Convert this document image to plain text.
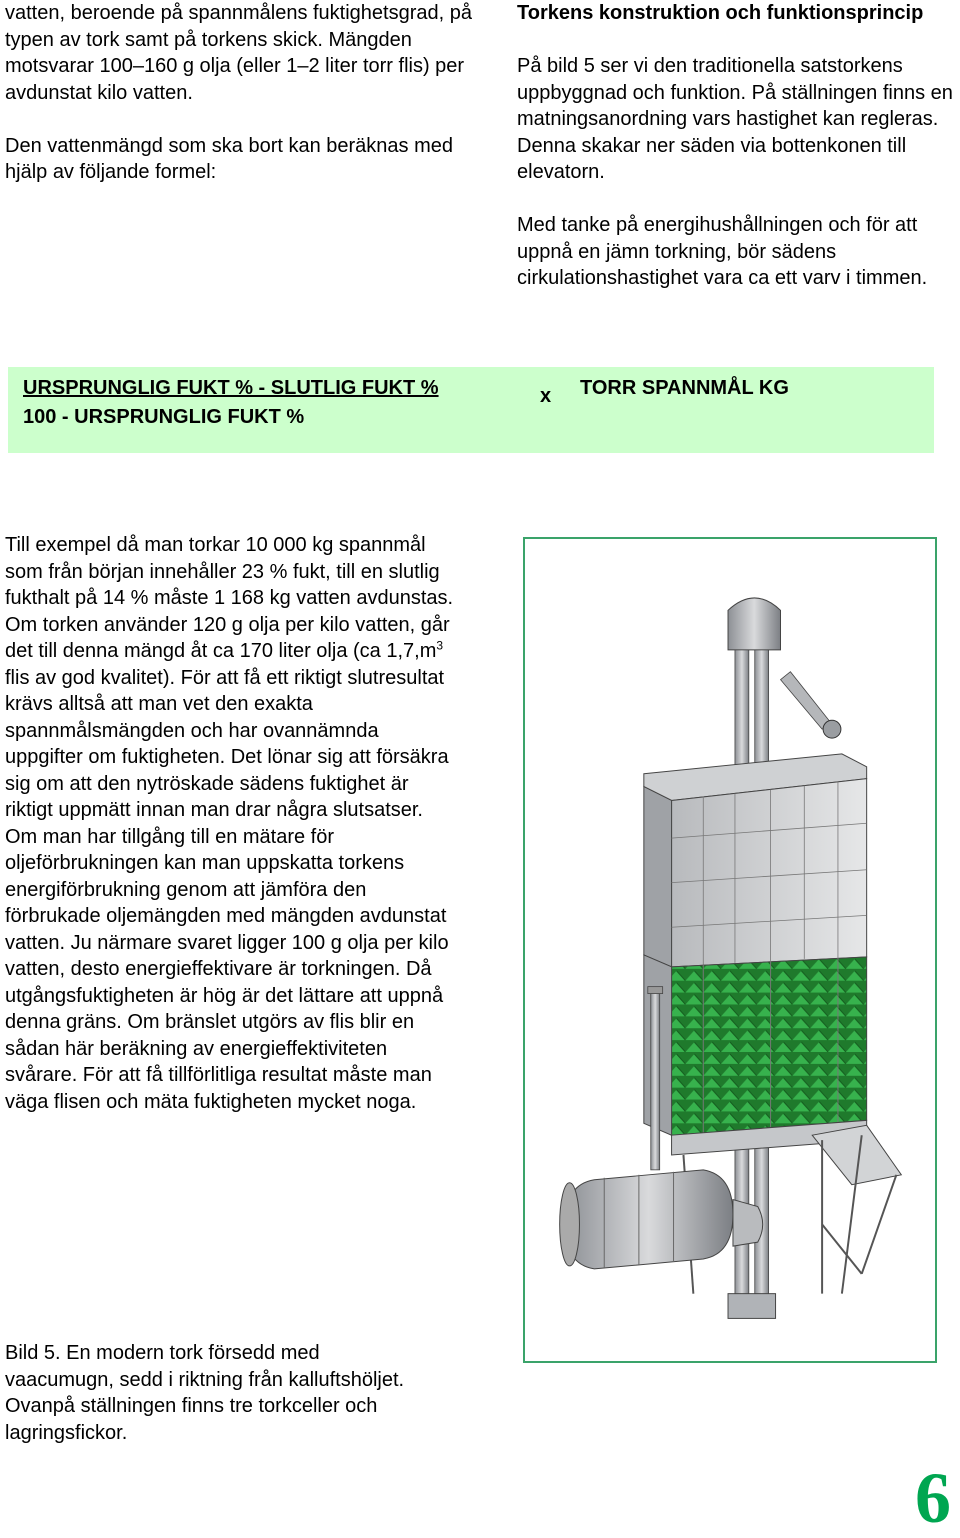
vatten, beroende på spannmålens fuktighetsgrad, på typen av tork samt på torkens skick. Mängden motsvarar 100–160 g olja (eller 1–2 liter torr flis) per avdunstat kilo vatten.

Den vattenmängd som ska bort kan beräknas med hjälp av följande formel:

Torkens konstruktion och funktionsprincip

På bild 5 ser vi den traditionella satstorkens uppbyggnad och funktion. På ställningen finns en matningsanordning vars hastighet kan regleras. Denna skakar ner säden via bottenkonen till elevatorn.

Med tanke på energihushållningen och för att uppnå en jämn torkning, bör sädens cirkulationshastighet vara ca ett varv i timmen.

URSPRUNGLIG FUKT % - SLUTLIG FUKT %
100 - URSPRUNGLIG FUKT %
x TORR SPANNMÅL KG

Till exempel då man torkar 10 000 kg spannmål som från början innehåller 23 % fukt, till en slutlig fukthalt på 14 % måste 1 168 kg vatten avdunstas. Om torken använder 120 g olja per kilo vatten, går det till denna mängd åt ca 170 liter olja (ca $1,7,m^3$ flis av god kvalitet). För att få ett riktigt slutresultat krävs alltså att man vet den exakta spannmålsmängden och har ovannämnda uppgifter om fuktigheten. Det lönar sig att försäkra sig om att den nytröskade sädens fuktighet är riktigt uppmätt innan man drar några slutsatser. Om man har tillgång till en mätare för oljeförbrukningen kan man uppskatta torkens energiförbrukning genom att jämföra den förbrukade oljemängden med mängden avdunstat vatten. Ju närmare svaret ligger 100 g olja per kilo vatten, desto energieffektivare är torkningen. Då utgångsfuktigheten är hög är det lättare att uppnå denna gräns. Om bränslet utgörs av flis blir en sådan här beräkning av energieffektiviteten svårare. För att få tillförlitliga resultat måste man väga flisen och mäta fuktigheten mycket noga.

Bild 5. En modern tork försedd med vaacumugn, sedd i riktning från kalluftshöljet. Ovanpå ställningen finns tre torkceller och lagringsfickor.

6
